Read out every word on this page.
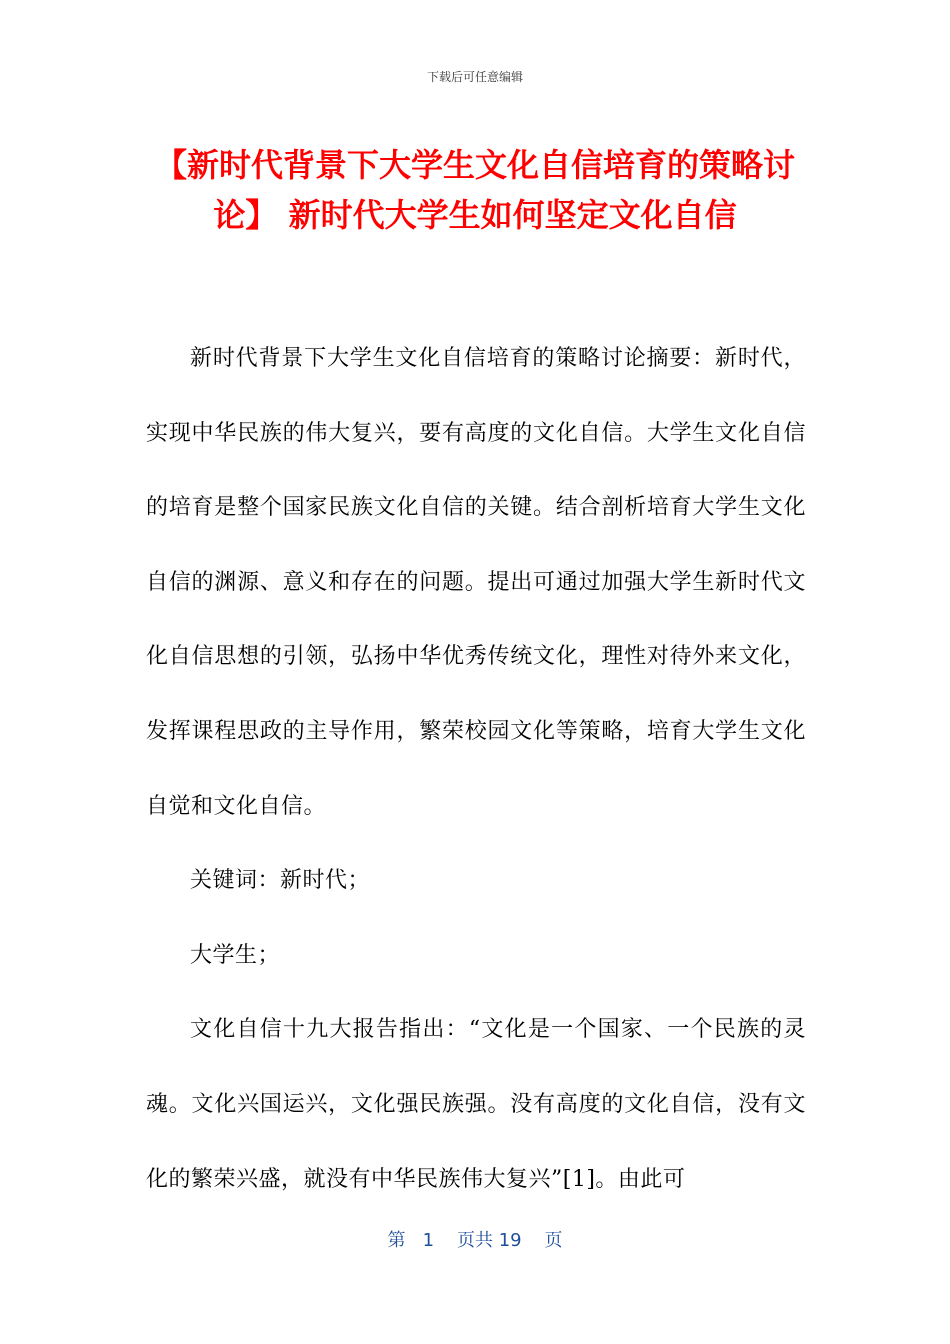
下载后可任意编辑
【新时代背景下大学生文化自信培育的策略讨论】 新时代大学生如何坚定文化自信

新时代背景下大学生文化自信培育的策略讨论摘要：新时代，实现中华民族的伟大复兴，要有高度的文化自信。大学生文化自信的培育是整个国家民族文化自信的关键。结合剖析培育大学生文化自信的渊源、意义和存在的问题。提出可通过加强大学生新时代文化自信思想的引领，弘扬中华优秀传统文化，理性对待外来文化，发挥课程思政的主导作用，繁荣校园文化等策略，培育大学生文化自觉和文化自信。

关键词：新时代；

大学生；

文化自信十九大报告指出：“文化是一个国家、一个民族的灵魂。文化兴国运兴，文化强民族强。没有高度的文化自信，没有文化的繁荣兴盛，就没有中华民族伟大复兴”[1]。由此可

第 1 页共 19 页
